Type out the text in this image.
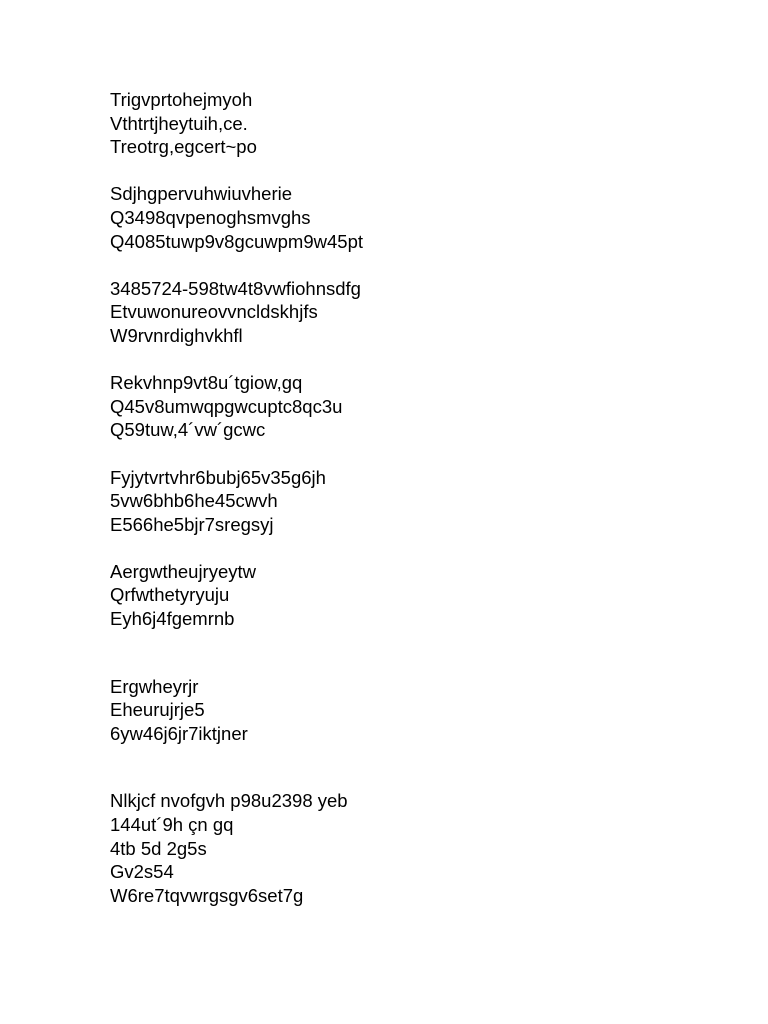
Trigvprtohejmyoh
Vthtrtjheytuih,ce.
Treotrg,egcert~po
Sdjhgpervuhwiuvherie
Q3498qvpenoghsmvghs
Q4085tuwp9v8gcuwpm9w45pt
3485724-598tw4t8vwfiohnsdfg
Etvuwonureovvncldskhjfs
W9rvnrdighvkhfl
Rekvhnp9vt8u´tgiow,gq
Q45v8umwqpgwcuptc8qc3u
Q59tuw,4´vw´gcwc
Fyjytvrtvhr6bubj65v35g6jh
5vw6bhb6he45cwvh
E566he5bjr7sregsyj
Aergwtheujryeytw
Qrfwthetyryuju
Eyh6j4fgemrnb
Ergwheyrjr
Eheurujrje5
6yw46j6jr7iktjner
Nlkjcf nvofgvh p98u2398 yeb
144ut´9h çn gq
4tb 5d 2g5s
Gv2s54
W6re7tqvwrgsgv6set7g
